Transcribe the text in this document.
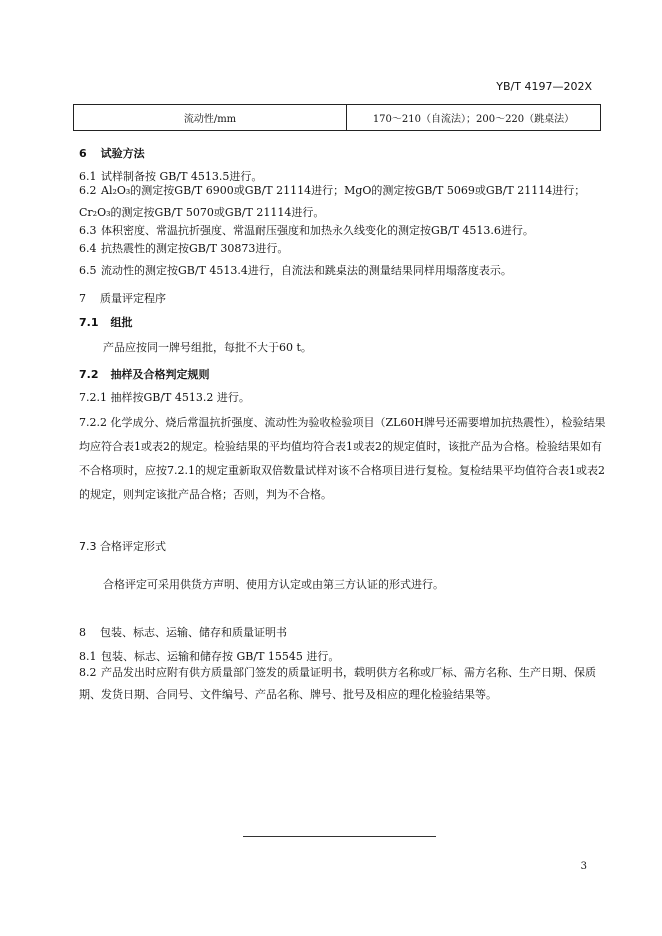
YB/T 4197—202X
流动性/mm	170～210（自流法）；200～220（跳桌法）
6 试验方法
6.1 试样制备按 GB/T 4513.5进行。
6.2 Al₂O₃的测定按GB/T 6900或GB/T 21114进行；MgO的测定按GB/T 5069或GB/T 21114进行；Cr₂O₃的测定按GB/T 5070或GB/T 21114进行。
6.3 体积密度、常温抗折强度、常温耐压强度和加热永久线变化的测定按GB/T 4513.6进行。
6.4 抗热震性的测定按GB/T 30873进行。
6.5 流动性的测定按GB/T 4513.4进行，自流法和跳桌法的测量结果同样用塌落度表示。
7 质量评定程序
7.1 组批
产品应按同一牌号组批，每批不大于60 t。
7.2 抽样及合格判定规则
7.2.1 抽样按GB/T 4513.2 进行。
7.2.2 化学成分、烧后常温抗折强度、流动性为验收检验项目（ZL60H牌号还需要增加抗热震性），检验结果均应符合表1或表2的规定。检验结果的平均值均符合表1或表2的规定值时，该批产品为合格。检验结果如有不合格项时，应按7.2.1的规定重新取双倍数量试样对该不合格项目进行复检。复检结果平均值符合表1或表2的规定，则判定该批产品合格；否则，判为不合格。
7.3 合格评定形式
合格评定可采用供货方声明、使用方认定或由第三方认证的形式进行。
8 包装、标志、运输、储存和质量证明书
8.1 包装、标志、运输和储存按 GB/T 15545 进行。
8.2 产品发出时应附有供方质量部门签发的质量证明书，载明供方名称或厂标、需方名称、生产日期、保质期、发货日期、合同号、文件编号、产品名称、牌号、批号及相应的理化检验结果等。
3
